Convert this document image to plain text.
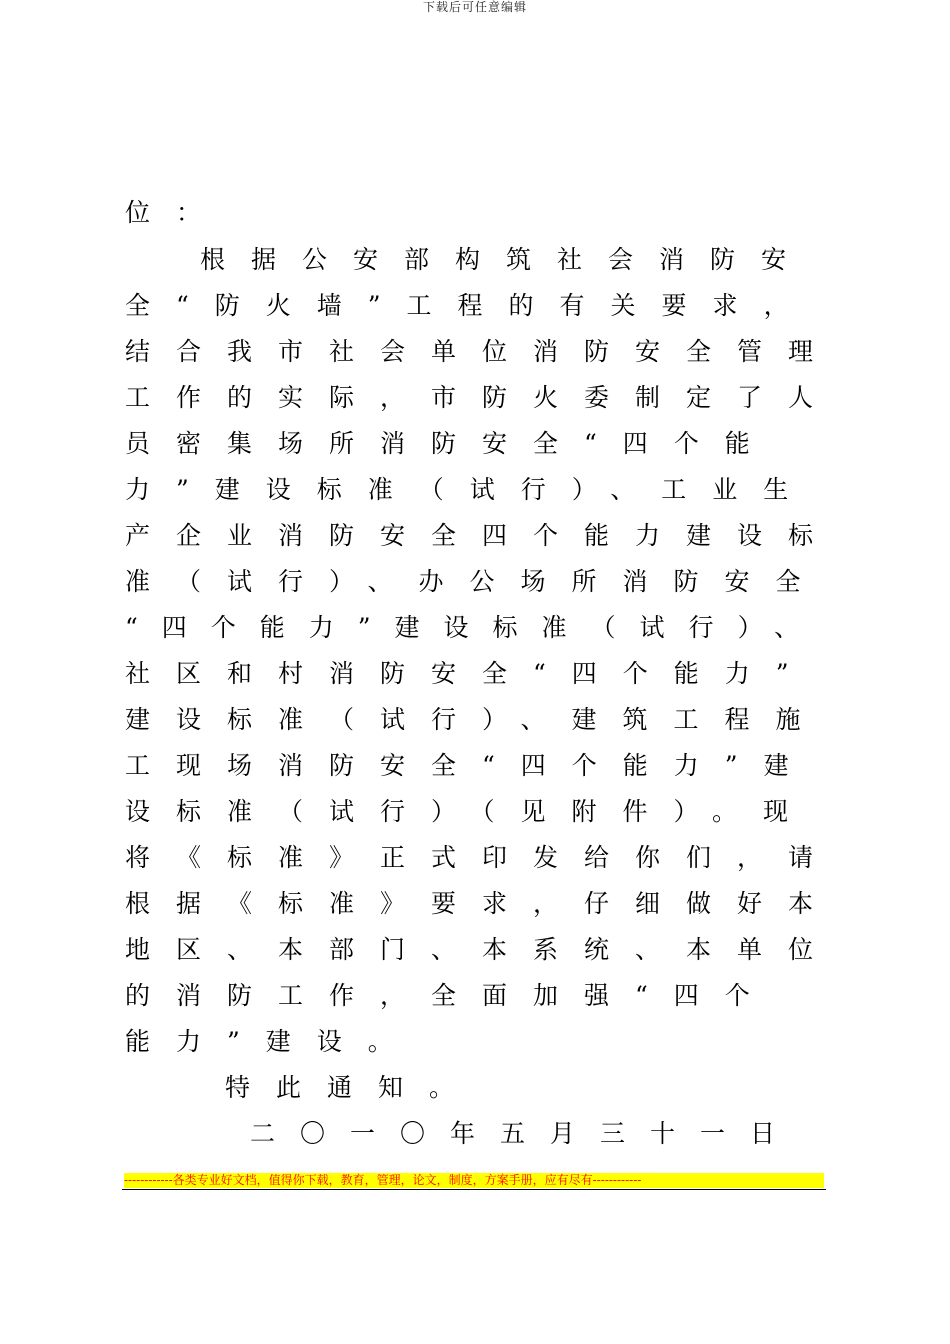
下载后可任意编辑
位：
根据公安部构筑社会消防安
全“防火墙”工程的有关要求，
结合我市社会单位消防安全管理
工作的实际，市防火委制定了人
员密集场所消防安全“四个能
力”建设标准（试行）、工业生
产企业消防安全四个能力建设标
准（试行）、办公场所消防安全
“四个能力”建设标准（试行）、
社区和村消防安全“四个能力”
建设标准（试行）、建筑工程施
工现场消防安全“四个能力”建
设标准（试行）（见附件）。现
将《标准》正式印发给你们，请
根据《标准》要求，仔细做好本
地区、本部门、本系统、本单位
的消防工作，全面加强“四个
能力”建设。
特此通知。
二〇一〇年五月三十一日
------------各类专业好文档，值得你下载，教育，管理，论文，制度，方案手册，应有尽有------------
